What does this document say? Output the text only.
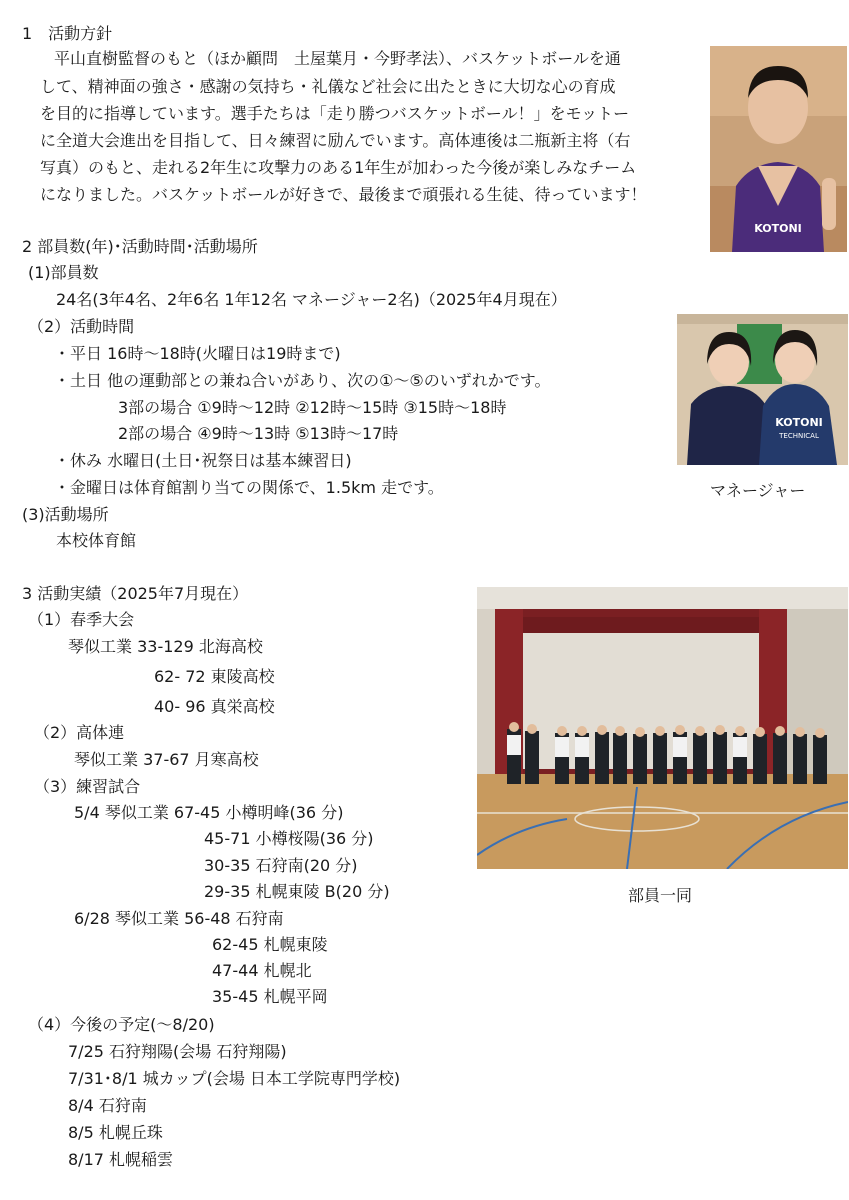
1　活動方針
平山直樹監督のもと（ほか顧問　土屋葉月・今野孝法）、バスケットボールを通
して、精神面の強さ・感謝の気持ち・礼儀など社会に出たときに大切な心の育成
を目的に指導しています。選手たちは「走り勝つバスケットボール！」をモットー
に全道大会進出を目指して、日々練習に励んでいます。高体連後は二瓶新主将（右
写真）のもと、走れる2年生に攻撃力のある1年生が加わった今後が楽しみなチーム
になりました。バスケットボールが好きで、最後まで頑張れる生徒、待っています！
KOTONI
2 部員数(年)･活動時間･活動場所
(1)部員数
24名(3年4名、2年6名 1年12名 マネージャー2名)（2025年4月現在）
（2）活動時間
・平日 16時～18時(火曜日は19時まで)
・土日 他の運動部との兼ね合いがあり、次の①～⑤のいずれかです。
3部の場合 ①9時～12時 ②12時～15時 ③15時～18時
2部の場合 ④9時～13時 ⑤13時～17時
・休み 水曜日(土日･祝祭日は基本練習日)
・金曜日は体育館割り当ての関係で、1.5km 走です。
(3)活動場所
本校体育館
KOTONI
TECHNICAL
マネージャー
3 活動実績（2025年7月現在）
（1）春季大会
琴似工業 33-129 北海高校
62- 72 東陵高校
40- 96 真栄高校
（2）高体連
琴似工業 37-67 月寒高校
（3）練習試合
5/4 琴似工業 67-45 小樽明峰(36 分)
45-71 小樽桜陽(36 分)
30-35 石狩南(20 分)
29-35 札幌東陵 B(20 分)
6/28 琴似工業 56-48 石狩南
62-45 札幌東陵
47-44 札幌北
35-45 札幌平岡
（4）今後の予定(～8/20)
7/25 石狩翔陽(会場 石狩翔陽)
7/31･8/1 城カップ(会場 日本工学院専門学校)
8/4 石狩南
8/5 札幌丘珠
8/17 札幌稲雲
部員一同
